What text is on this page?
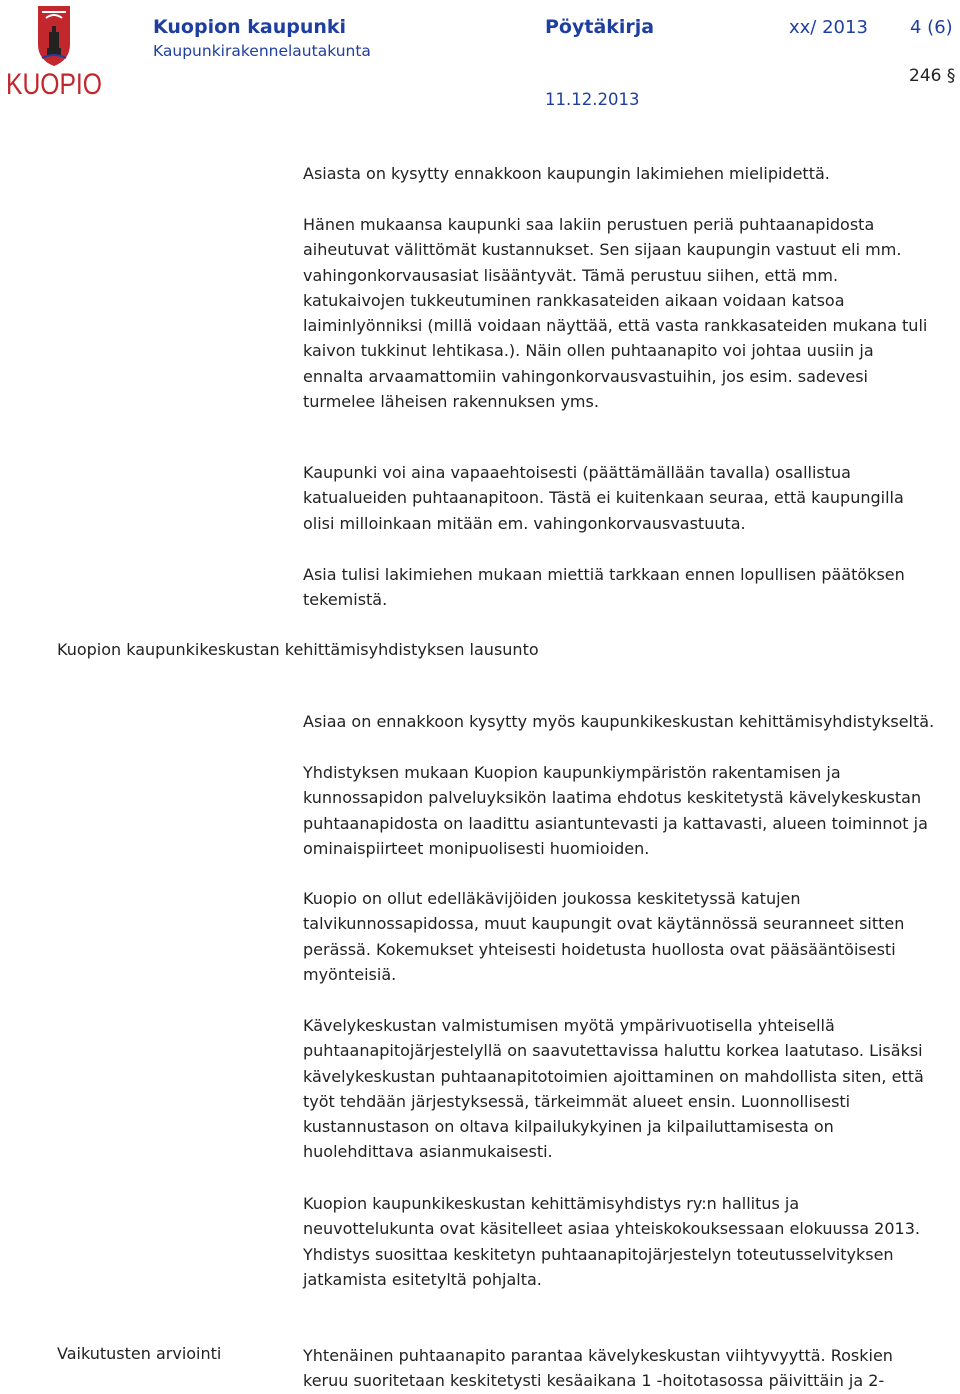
KUOPIO
Kuopion kaupunki
Kaupunkirakennelautakunta
Pöytäkirja	xx/ 2013 4 (6)
246 §
11.12.2013

Asiasta on kysytty ennakkoon kaupungin lakimiehen mielipidettä.

Hänen mukaansa kaupunki saa lakiin perustuen periä puhtaanapidosta
aiheutuvat välittömät kustannukset. Sen sijaan kaupungin vastuut eli mm.
vahingonkorvausasiat lisääntyvät. Tämä perustuu siihen, että mm.
katukaivojen tukkeutuminen rankkasateiden aikaan voidaan katsoa
laiminlyönniksi (millä voidaan näyttää, että vasta rankkasateiden mukana tuli
kaivon tukkinut lehtikasa.). Näin ollen puhtaanapito voi johtaa uusiin ja
ennalta arvaamattomiin vahingonkorvausvastuihin, jos esim. sadevesi
turmelee läheisen rakennuksen yms.

Kaupunki voi aina vapaaehtoisesti (päättämällään tavalla) osallistua
katualueiden puhtaanapitoon. Tästä ei kuitenkaan seuraa, että kaupungilla
olisi milloinkaan mitään em. vahingonkorvausvastuuta.

Asia tulisi lakimiehen mukaan miettiä tarkkaan ennen lopullisen päätöksen
tekemistä.

Kuopion kaupunkikeskustan kehittämisyhdistyksen lausunto

Asiaa on ennakkoon kysytty myös kaupunkikeskustan kehittämisyhdistykseltä.

Yhdistyksen mukaan Kuopion kaupunkiympäristön rakentamisen ja
kunnossapidon palveluyksikön laatima ehdotus keskitetystä kävelykeskustan
puhtaanapidosta on laadittu asiantuntevasti ja kattavasti, alueen toiminnot ja
ominaispiirteet monipuolisesti huomioiden.

Kuopio on ollut edelläkävijöiden joukossa keskitetyssä katujen
talvikunnossapidossa, muut kaupungit ovat käytännössä seuranneet sitten
perässä. Kokemukset yhteisesti hoidetusta huollosta ovat pääsääntöisesti
myönteisiä.

Kävelykeskustan valmistumisen myötä ympärivuotisella yhteisellä
puhtaanapitojärjestelyllä on saavutettavissa haluttu korkea laatutaso. Lisäksi
kävelykeskustan puhtaanapitotoimien ajoittaminen on mahdollista siten, että
työt tehdään järjestyksessä, tärkeimmät alueet ensin. Luonnollisesti
kustannustason on oltava kilpailukykyinen ja kilpailuttamisesta on
huolehdittava asianmukaisesti.

Kuopion kaupunkikeskustan kehittämisyhdistys ry:n hallitus ja
neuvottelukunta ovat käsitelleet asiaa yhteiskokouksessaan elokuussa 2013.
Yhdistys suosittaa keskitetyn puhtaanapitojärjestelyn toteutusselvityksen
jatkamista esitetyltä pohjalta.

Vaikutusten arviointi	Yhtenäinen puhtaanapito parantaa kävelykeskustan viihtyvyyttä. Roskien
keruu suoritetaan keskitetysti kesäaikana 1 -hoitotasossa päivittäin ja 2-
